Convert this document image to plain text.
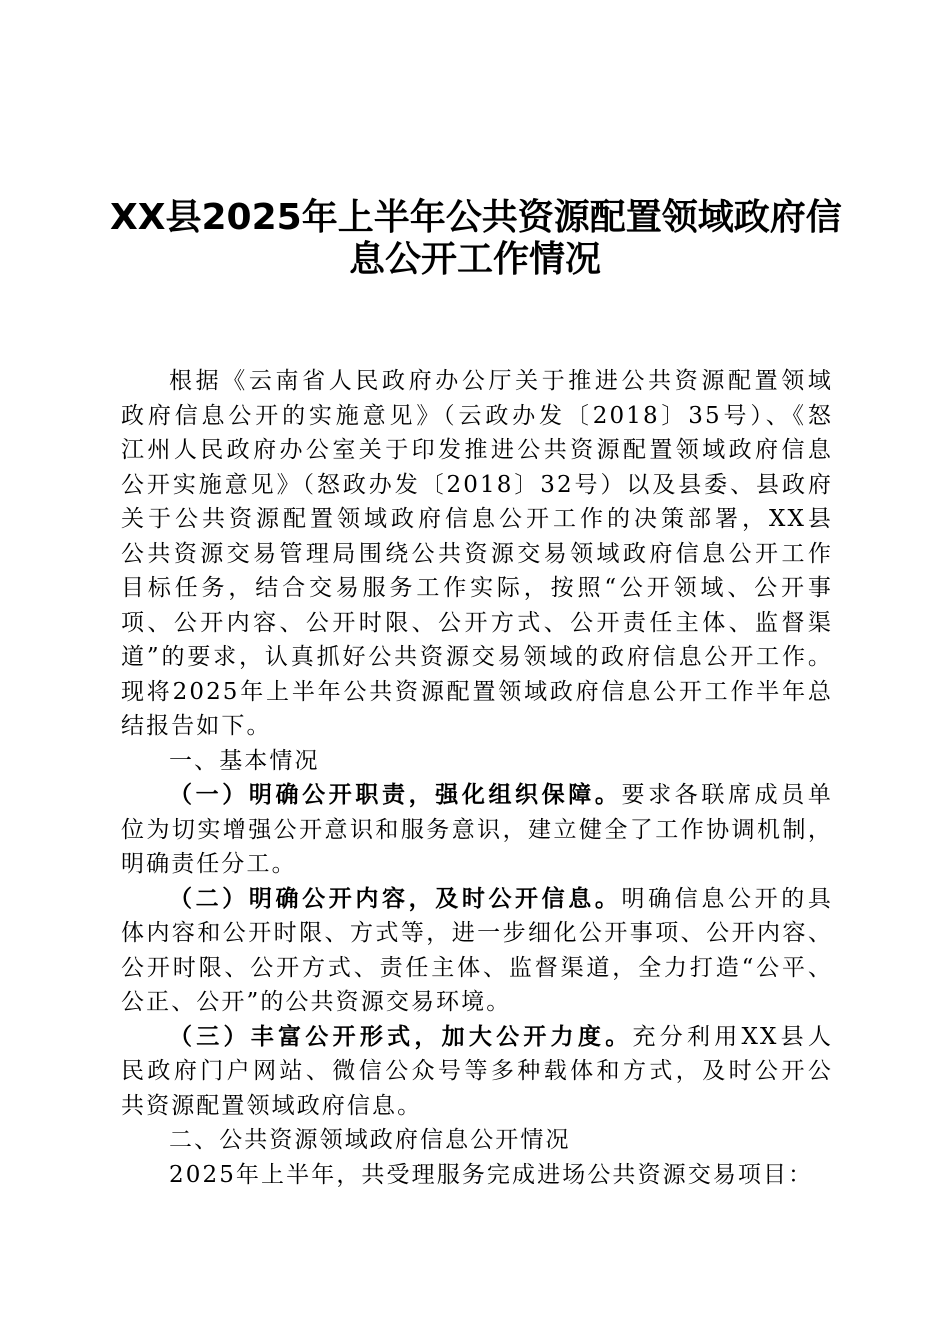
XX县2025年上半年公共资源配置领域政府信
息公开工作情况
根据《云南省人民政府办公厅关于推进公共资源配置领域
政府信息公开的实施意见》（云政办发〔2018〕35号）、《怒
江州人民政府办公室关于印发推进公共资源配置领域政府信息
公开实施意见》（怒政办发〔2018〕32号）以及县委、县政府
关于公共资源配置领域政府信息公开工作的决策部署，XX县
公共资源交易管理局围绕公共资源交易领域政府信息公开工作
目标任务，结合交易服务工作实际，按照“公开领域、公开事
项、公开内容、公开时限、公开方式、公开责任主体、监督渠
道”的要求，认真抓好公共资源交易领域的政府信息公开工作。
现将2025年上半年公共资源配置领域政府信息公开工作半年总
结报告如下。
一、基本情况
（一）明确公开职责，强化组织保障。要求各联席成员单
位为切实增强公开意识和服务意识，建立健全了工作协调机制，
明确责任分工。
（二）明确公开内容，及时公开信息。明确信息公开的具
体内容和公开时限、方式等，进一步细化公开事项、公开内容、
公开时限、公开方式、责任主体、监督渠道，全力打造“公平、
公正、公开”的公共资源交易环境。
（三）丰富公开形式，加大公开力度。充分利用XX县人
民政府门户网站、微信公众号等多种载体和方式，及时公开公
共资源配置领域政府信息。
二、公共资源领域政府信息公开情况
2025年上半年，共受理服务完成进场公共资源交易项目：
